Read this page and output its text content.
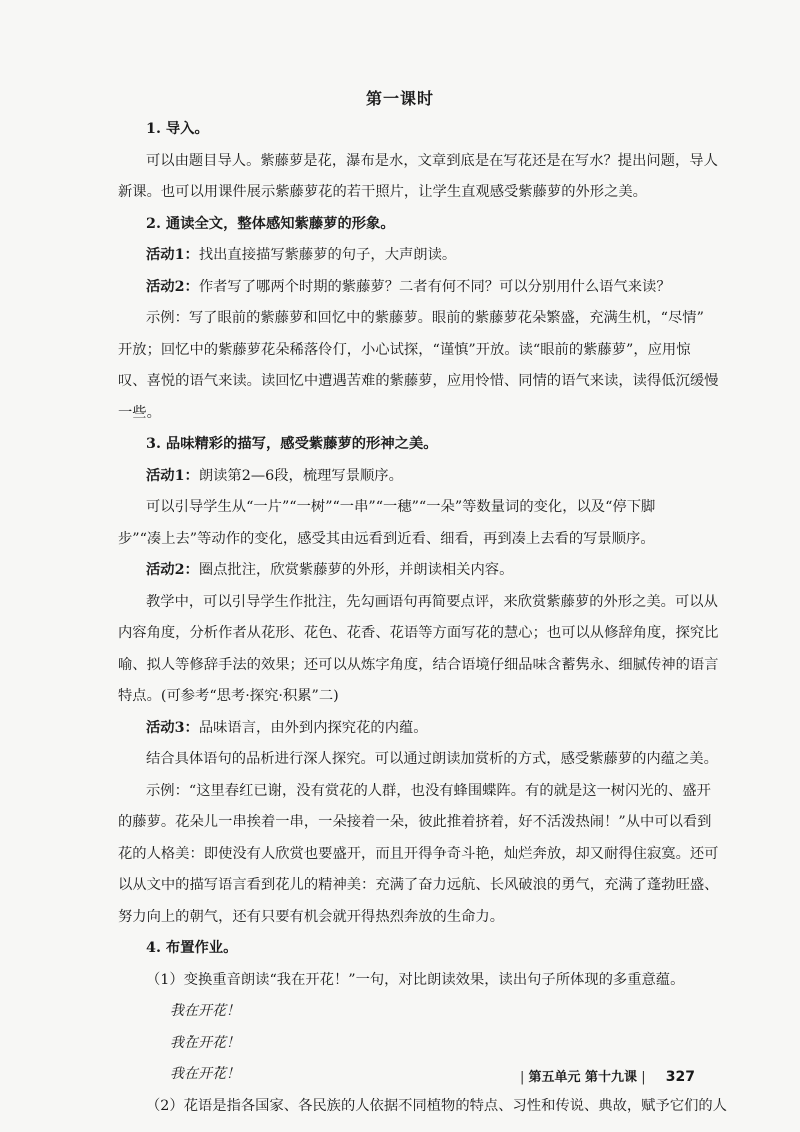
第一课时
1. 导入。
可以由题目导人。紫藤萝是花，瀑布是水，文章到底是在写花还是在写水？提出问题，导人
新课。也可以用课件展示紫藤萝花的若干照片，让学生直观感受紫藤萝的外形之美。
2. 通读全文，整体感知紫藤萝的形象。
活动1：找出直接描写紫藤萝的句子，大声朗读。
活动2：作者写了哪两个时期的紫藤萝？二者有何不同？可以分别用什么语气来读？
示例：写了眼前的紫藤萝和回忆中的紫藤萝。眼前的紫藤萝花朵繁盛，充满生机，“尽情”
开放；回忆中的紫藤萝花朵稀落伶仃，小心试探，“谨慎”开放。读“眼前的紫藤萝”，应用惊
叹、喜悦的语气来读。读回忆中遭遇苦难的紫藤萝，应用怜惜、同情的语气来读，读得低沉缓慢
一些。
3. 品味精彩的描写，感受紫藤萝的形神之美。
活动1：朗读第2—6段，梳理写景顺序。
可以引导学生从“一片”“一树”“一串”“一穗”“一朵”等数量词的变化，以及“停下脚
步”“凑上去”等动作的变化，感受其由远看到近看、细看，再到凑上去看的写景顺序。
活动2：圈点批注，欣赏紫藤萝的外形，并朗读相关内容。
教学中，可以引导学生作批注，先勾画语句再简要点评，来欣赏紫藤萝的外形之美。可以从
内容角度，分析作者从花形、花色、花香、花语等方面写花的慧心；也可以从修辞角度，探究比
喻、拟人等修辞手法的效果；还可以从炼字角度，结合语境仔细品味含蓄隽永、细腻传神的语言
特点。(可参考“思考·探究·积累”二)
活动3：品味语言，由外到内探究花的内蕴。
结合具体语句的品析进行深人探究。可以通过朗读加赏析的方式，感受紫藤萝的内蕴之美。
示例：“这里春红已谢，没有赏花的人群，也没有蜂围蝶阵。有的就是这一树闪光的、盛开
的藤萝。花朵儿一串挨着一串，一朵接着一朵，彼此推着挤着，好不活泼热闹！”从中可以看到
花的人格美：即使没有人欣赏也要盛开，而且开得争奇斗艳，灿烂奔放，却又耐得住寂寞。还可
以从文中的描写语言看到花儿的精神美：充满了奋力远航、长风破浪的勇气，充满了蓬勃旺盛、
努力向上的朝气，还有只要有机会就开得热烈奔放的生命力。
4. 布置作业。
（1）变换重音朗读“我在开花！”一句，对比朗读效果，读出句子所体现的多重意蕴。
我在开花！
我在开花！
我在开花！
（2）花语是指各国家、各民族的人依据不同植物的特点、习性和传说、典故，赋予它们的人
| 第五单元 第十九课 | 327
